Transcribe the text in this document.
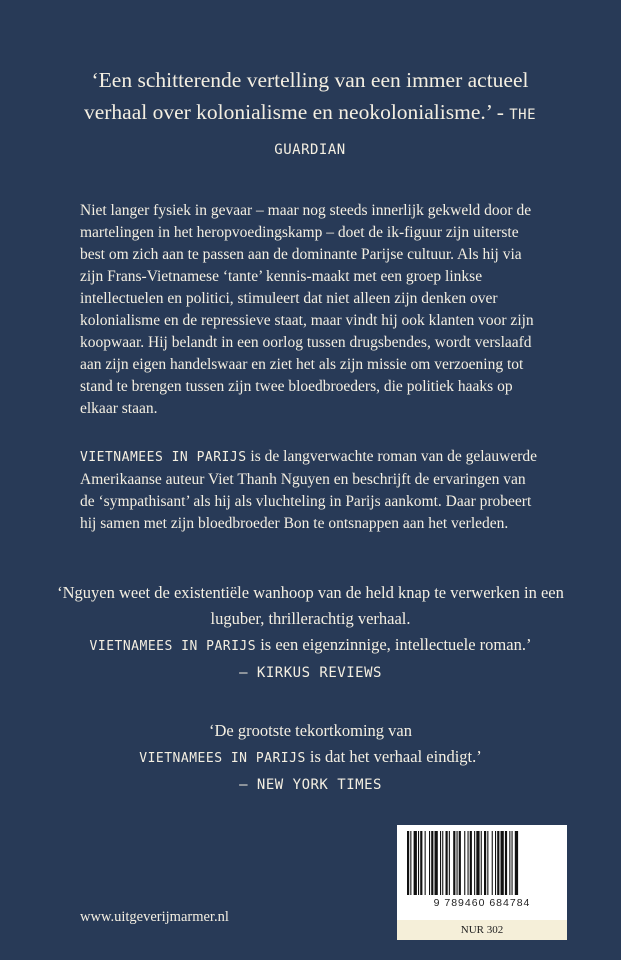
‘Een schitterende vertelling van een immer actueel verhaal over kolonialisme en neokolonialisme.’ - THE GUARDIAN
Niet langer fysiek in gevaar – maar nog steeds innerlijk gekweld door de martelingen in het heropvoedingskamp – doet de ik-figuur zijn uiterste best om zich aan te passen aan de dominante Parijse cultuur. Als hij via zijn Frans-Vietnamese ‘tante’ kennis-maakt met een groep linkse intellectuelen en politici, stimuleert dat niet alleen zijn denken over kolonialisme en de repressieve staat, maar vindt hij ook klanten voor zijn koopwaar. Hij belandt in een oorlog tussen drugsbendes, wordt verslaafd aan zijn eigen handelswaar en ziet het als zijn missie om verzoening tot stand te brengen tussen zijn twee bloedbroeders, die politiek haaks op elkaar staan.
VIETNAMEES IN PARIJS is de langverwachte roman van de gelauwerde Amerikaanse auteur Viet Thanh Nguyen en beschrijft de ervaringen van de ‘sympathisant’ als hij als vluchteling in Parijs aankomt. Daar probeert hij samen met zijn bloedbroeder Bon te ontsnappen aan het verleden.
‘Nguyen weet de existentiële wanhoop van de held knap te verwerken in een luguber, thrillerachtig verhaal.
VIETNAMEES IN PARIJS is een eigenzinnige, intellectuele roman.’
– KIRKUS REVIEWS
‘De grootste tekortkoming van
VIETNAMEES IN PARIJS is dat het verhaal eindigt.’
– NEW YORK TIMES
9 789460 684784
NUR 302
www.uitgeverijmarmer.nl
